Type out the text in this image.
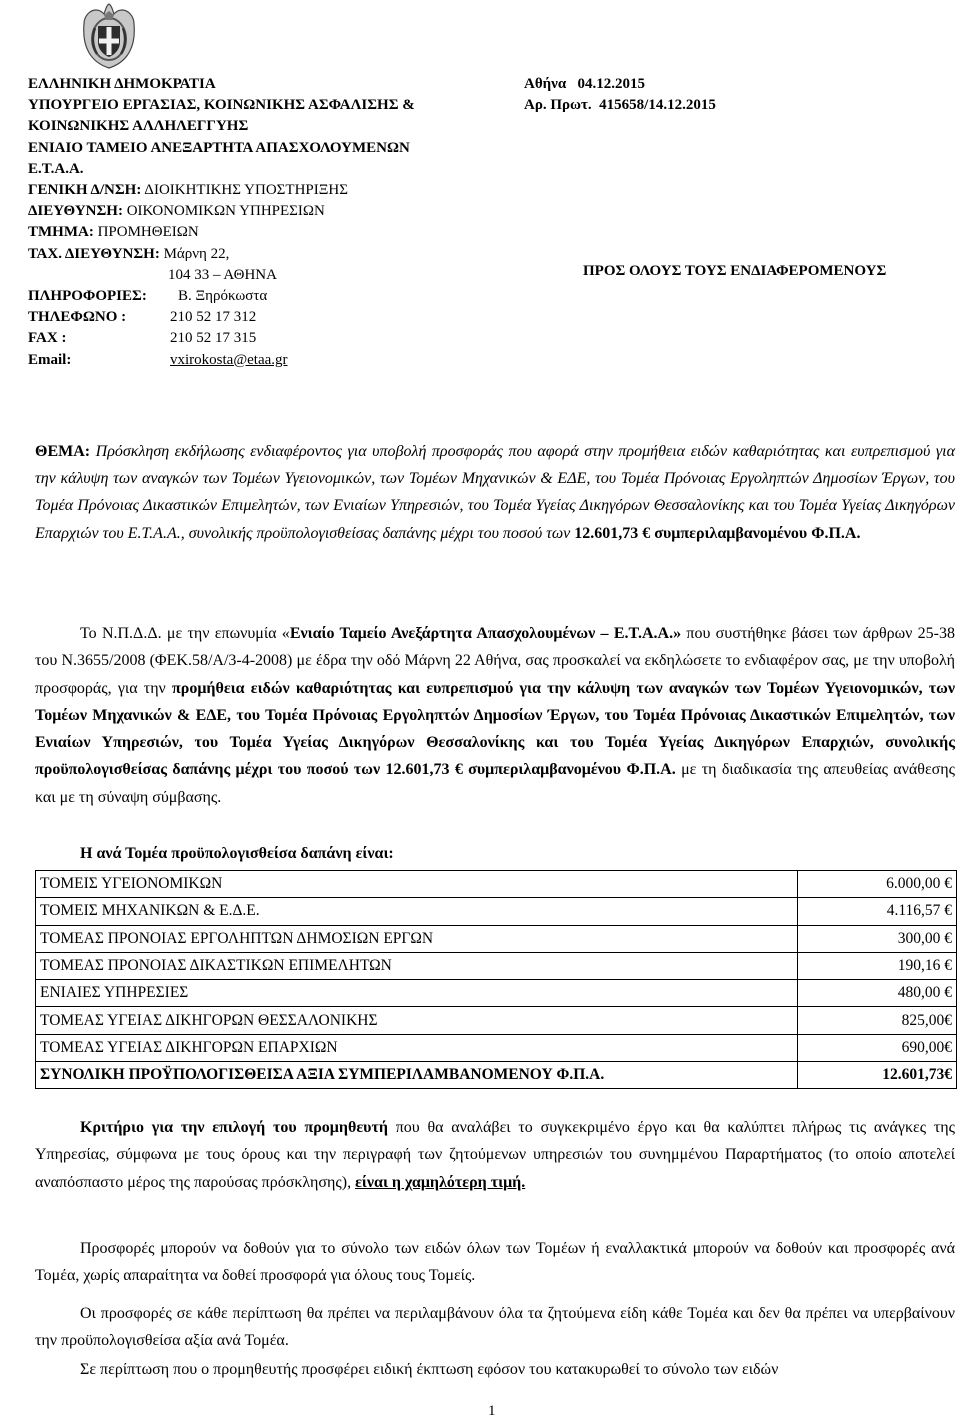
ΕΛΛΗΝΙΚΗ ΔΗΜΟΚΡΑΤΙΑ
ΥΠΟΥΡΓΕΙΟ ΕΡΓΑΣΙΑΣ, ΚΟΙΝΩΝΙΚΗΣ ΑΣΦΑΛΙΣΗΣ &
ΚΟΙΝΩΝΙΚΗΣ ΑΛΛΗΛΕΓΓΥΗΣ
ΕΝΙΑΙΟ ΤΑΜΕΙΟ ΑΝΕΞΑΡΤΗΤΑ ΑΠΑΣΧΟΛΟΥΜΕΝΩΝ
Ε.Τ.Α.Α.
ΓΕΝΙΚΗ Δ/ΝΣΗ: ΔΙΟΙΚΗΤΙΚΗΣ ΥΠΟΣΤΗΡΙΞΗΣ
ΔΙΕΥΘΥΝΣΗ: ΟΙΚΟΝΟΜΙΚΩΝ ΥΠΗΡΕΣΙΩΝ
ΤΜΗΜΑ: ΠΡΟΜΗΘΕΙΩΝ
ΤΑΧ. ΔΙΕΥΘΥΝΣΗ: Μάρνη 22,
104 33 – ΑΘΗΝΑ
ΠΛΗΡΟΦΟΡΙΕΣ: Β. Ξηρόκωστα
ΤΗΛΕΦΩΝΟ :	210 52 17 312
FAX :	210 52 17 315
Email:	vxirokosta@etaa.gr
Αθήνα   04.12.2015
Αρ. Πρωτ.  415658/14.12.2015
ΠΡΟΣ ΟΛΟΥΣ ΤΟΥΣ ΕΝΔΙΑΦΕΡΟΜΕΝΟΥΣ
ΘΕΜΑ: Πρόσκληση εκδήλωσης ενδιαφέροντος για υποβολή προσφοράς που αφορά στην προμήθεια ειδών καθαριότητας και ευπρεπισμού για την κάλυψη των αναγκών των Τομέων Υγειονομικών, των Τομέων Μηχανικών & ΕΔΕ, του Τομέα Πρόνοιας Εργοληπτών Δημοσίων Έργων, του Τομέα Πρόνοιας Δικαστικών Επιμελητών, των Ενιαίων Υπηρεσιών, του Τομέα Υγείας Δικηγόρων Θεσσαλονίκης και του Τομέα Υγείας Δικηγόρων Επαρχιών του Ε.Τ.Α.Α., συνολικής προϋπολογισθείσας δαπάνης μέχρι του ποσού των 12.601,73 € συμπεριλαμβανομένου Φ.Π.Α.
Το Ν.Π.Δ.Δ. με την επωνυμία «Ενιαίο Ταμείο Ανεξάρτητα Απασχολουμένων – Ε.Τ.Α.Α.» που συστήθηκε βάσει των άρθρων 25-38 του Ν.3655/2008 (ΦΕΚ.58/Α/3-4-2008) με έδρα την οδό Μάρνη 22 Αθήνα, σας προσκαλεί να εκδηλώσετε το ενδιαφέρον σας, με την υποβολή προσφοράς, για την προμήθεια ειδών καθαριότητας και ευπρεπισμού για την κάλυψη των αναγκών των Τομέων Υγειονομικών, των Τομέων Μηχανικών & ΕΔΕ, του Τομέα Πρόνοιας Εργοληπτών Δημοσίων Έργων, του Τομέα Πρόνοιας Δικαστικών Επιμελητών, των Ενιαίων Υπηρεσιών, του Τομέα Υγείας Δικηγόρων Θεσσαλονίκης και του Τομέα Υγείας Δικηγόρων Επαρχιών, συνολικής προϋπολογισθείσας δαπάνης μέχρι του ποσού των 12.601,73 € συμπεριλαμβανομένου Φ.Π.Α. με τη διαδικασία της απευθείας ανάθεσης και με τη σύναψη σύμβασης.
Η ανά Τομέα προϋπολογισθείσα δαπάνη είναι:
ΤΟΜΕΙΣ ΥΓΕΙΟΝΟΜΙΚΩΝ	6.000,00 €
ΤΟΜΕΙΣ ΜΗΧΑΝΙΚΩΝ & Ε.Δ.Ε.	4.116,57 €
ΤΟΜΕΑΣ ΠΡΟΝΟΙΑΣ ΕΡΓΟΛΗΠΤΩΝ ΔΗΜΟΣΙΩΝ ΕΡΓΩΝ	300,00 €
ΤΟΜΕΑΣ ΠΡΟΝΟΙΑΣ ΔΙΚΑΣΤΙΚΩΝ ΕΠΙΜΕΛΗΤΩΝ	190,16 €
ΕΝΙΑΙΕΣ ΥΠΗΡΕΣΙΕΣ	480,00 €
ΤΟΜΕΑΣ ΥΓΕΙΑΣ ΔΙΚΗΓΟΡΩΝ ΘΕΣΣΑΛΟΝΙΚΗΣ	825,00€
ΤΟΜΕΑΣ ΥΓΕΙΑΣ ΔΙΚΗΓΟΡΩΝ ΕΠΑΡΧΙΩΝ	690,00€
ΣΥΝΟΛΙΚΗ ΠΡΟΫΠΟΛΟΓΙΣΘΕΙΣΑ ΑΞΙΑ ΣΥΜΠΕΡΙΛΑΜΒΑΝΟΜΕΝΟΥ Φ.Π.Α.	12.601,73€
Κριτήριο για την επιλογή του προμηθευτή που θα αναλάβει το συγκεκριμένο έργο και θα καλύπτει πλήρως τις ανάγκες της Υπηρεσίας, σύμφωνα με τους όρους και την περιγραφή των ζητούμενων υπηρεσιών του συνημμένου Παραρτήματος (το οποίο αποτελεί αναπόσπαστο μέρος της παρούσας πρόσκλησης), είναι η χαμηλότερη τιμή.
Προσφορές μπορούν να δοθούν για το σύνολο των ειδών όλων των Τομέων ή εναλλακτικά μπορούν να δοθούν και προσφορές ανά Τομέα, χωρίς απαραίτητα να δοθεί προσφορά για όλους τους Τομείς.
Οι προσφορές σε κάθε περίπτωση θα πρέπει να περιλαμβάνουν όλα τα ζητούμενα είδη κάθε Τομέα και δεν θα πρέπει να υπερβαίνουν την προϋπολογισθείσα αξία ανά Τομέα.
Σε περίπτωση που ο προμηθευτής προσφέρει ειδική έκπτωση εφόσον του κατακυρωθεί το σύνολο των ειδών
1
